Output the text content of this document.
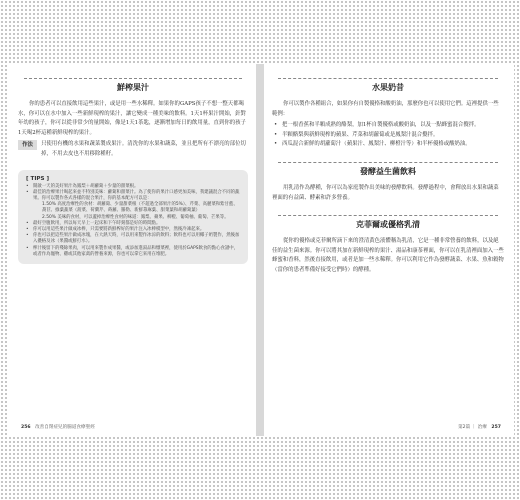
鮮榨果汁

你的患者可以直接飲用這些果汁，或是用一些水稀釋。如果你的GAPS孩子不想一整天都喝水，你可以在水中加入一些新鮮現榨的果汁，讓它變成一種美味的飲料。1天1杯果汁開始，針對年幼的孩子，你可以從非常少的量開始，像是1天1茶匙，逐漸增加每日的飲用量，直到你的孩子1天喝2杯這種新鮮現榨的果汁。

作法	只使用有機的水果和蔬菜製成果汁。清洗你的水果和蔬菜，並且把所有不漂亮的部位切掉，不用去皮也不用移除種籽。
[ TIPS ]
• 開啟一天的美好果汁為鳳梨＋胡蘿蔔＋少量的甜菜根。
• 最佳的治療果汁喝起來並不特別美味：蘿蔔和甜菜汁。為了使你的果汁口感更加美味，我建議混合不同的蔬果。你可以製作各式各樣的混合果汁，你的基本配方可以是：
1.50% 高度治療性的食材：胡蘿蔔、少量甜菜根（不超過全部果汁的5%）、芹菜、高麗菜和紫甘藍、萵苣、綠葉蔬菜（菠菜、荷蘭芹、蒔蘿、羅勒、新鮮蕁麻葉、甜菜葉和胡蘿蔔葉）
2.50% 美味的食材，可以蓋掉治療性食材的味道：鳳梨、蘋果、柳橙、葡萄柚、葡萄、芒果等。
• 最好空腹飲用，所以每天早上一起床和下午時刻都是好的時間點。
• 你可以用這些果汁做成冰棒，只需要將新鮮榨好的果汁注入冰棒模型中，然後冷凍起來。
• 你也可以把這些果汁做成冰塊，在大熱天時，可以用來製作冰涼的飲料；飲料也可以用椰子奶製作，然後加入優格及冰（果醬或鮮打水）。
• 榨汁後留下的殘餘果肉，可以用來製作成果醬，或添加進湯品和燉菜裡，使用於GAPS飲食的點心食譜中，或者作為寵物、雞或其他家禽的營養來源，你也可以拿它來用在堆肥。
256 改善自閉症兒的腸道食療聖經
水果奶昔

你可以製作各種組合，如果你有自製優格和酸奶油，那麼你也可以使用它們。這裡提供一些範例：

• 把一根香蕉和半顆成熟的酪梨，加1杯自製優格或酸奶油，以及一點蜂蜜混合攪拌。
• 半顆酪梨與新鮮現榨的蘋果、芹菜和胡蘿蔔或是鳳梨汁混合攪拌。
• 西瓜混合新鮮的胡蘿蔔汁（蘋果汁、鳳梨汁、柳橙汁等）和半杯優格或酸奶油。
發酵益生菌飲料

用乳清作為酵種，你可以為家庭製作出美味的發酵飲料。發酵過程中，會釋放出水果和蔬菜裡面的有益菌、酵素和許多營養。

克菲爾或優格乳清

從你的優格或克菲爾所滴下來的澄清黃色液體稱為乳清，它是一種非常營養的飲料，以及絕佳的益生菌來源。你可以將其加在新鮮現榨的果汁、湯品和康茶裡面，你可以在乳清裡面加入一些蜂蜜和香料，然後直接飲用，或者是加一些水稀釋。你可以利用它作為發酵蔬菜、水果、魚和穀物（當你的患者準備好接受它們時）的酵種。

第2篇 ｜ 治療 257
